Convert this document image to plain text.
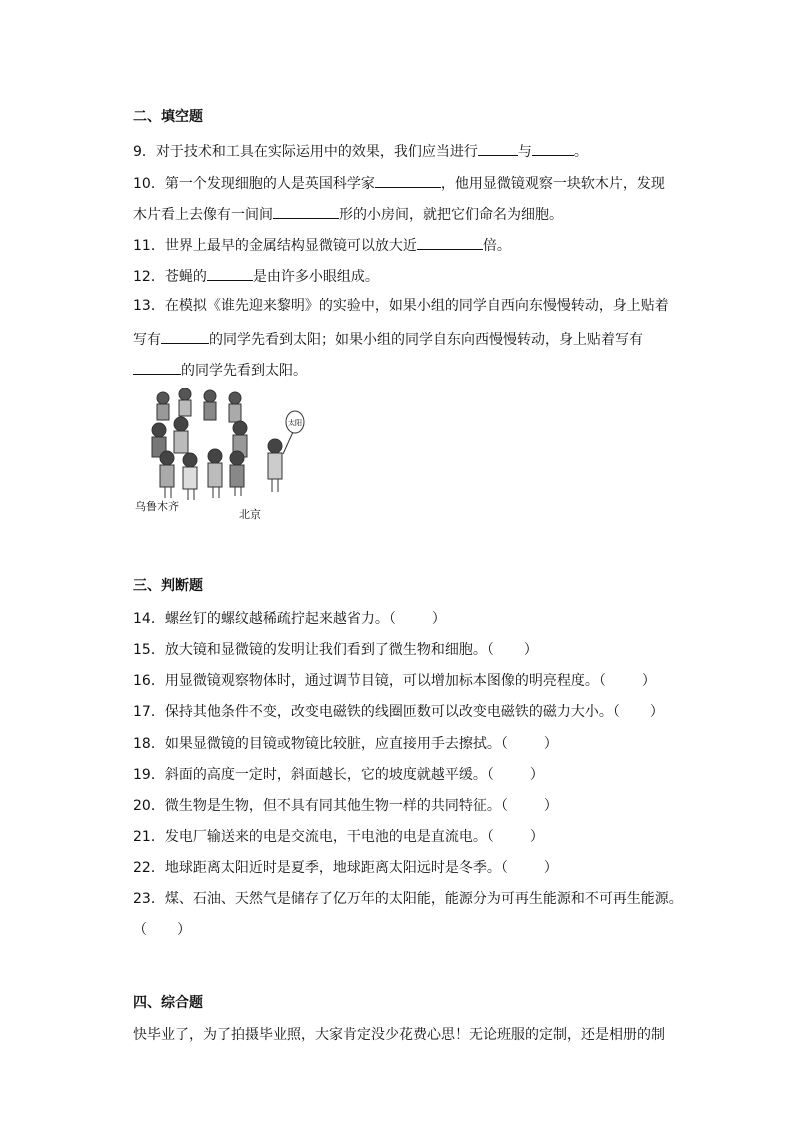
二、填空题
9．对于技术和工具在实际运用中的效果，我们应当进行	与	。
10．第一个发现细胞的人是英国科学家	，他用显微镜观察一块软木片，发现
木片看上去像有一间间	形的小房间，就把它们命名为细胞。
11．世界上最早的金属结构显微镜可以放大近	倍。
12．苍蝇的	是由许多小眼组成。
13．在模拟《谁先迎来黎明》的实验中，如果小组的同学自西向东慢慢转动，身上贴着
写有	的同学先看到太阳；如果小组的同学自东向西慢慢转动，身上贴着写有
的同学先看到太阳。
太阳
乌鲁木齐
北京
三、判断题
14．螺丝钉的螺纹越稀疏拧起来越省力。（	）
15．放大镜和显微镜的发明让我们看到了微生物和细胞。（ ）
16．用显微镜观察物体时，通过调节目镜，可以增加标本图像的明亮程度。（	）
17．保持其他条件不变，改变电磁铁的线圈匝数可以改变电磁铁的磁力大小。（ ）
18．如果显微镜的目镜或物镜比较脏，应直接用手去擦拭。（	）
19．斜面的高度一定时，斜面越长，它的坡度就越平缓。（	）
20．微生物是生物，但不具有同其他生物一样的共同特征。（	）
21．发电厂输送来的电是交流电，干电池的电是直流电。（	）
22．地球距离太阳近时是夏季，地球距离太阳远时是冬季。（	）
23．煤、石油、天然气是储存了亿万年的太阳能，能源分为可再生能源和不可再生能源。
（ ）
四、综合题
快毕业了，为了拍摄毕业照，大家肯定没少花费心思！无论班服的定制，还是相册的制
